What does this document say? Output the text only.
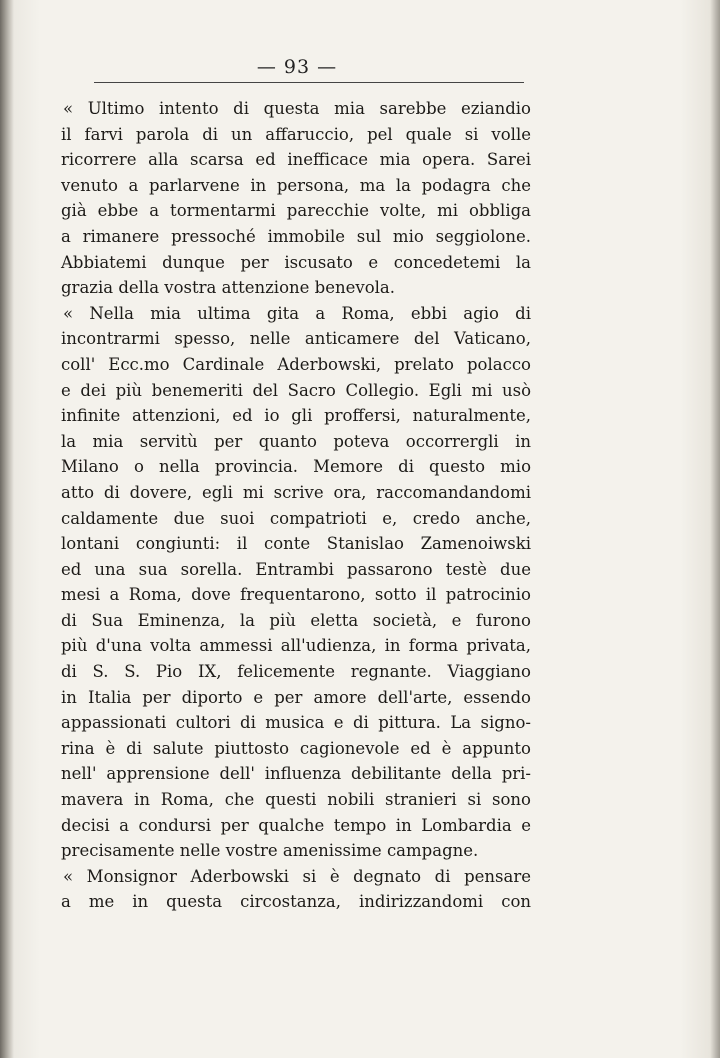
— 93 —
« Ultimo intento di questa mia sarebbe eziandio
il farvi parola di un affaruccio, pel quale si volle
ricorrere alla scarsa ed inefficace mia opera. Sarei
venuto a parlarvene in persona, ma la podagra che
già ebbe a tormentarmi parecchie volte, mi obbliga
a rimanere pressoché immobile sul mio seggiolone.
Abbiatemi dunque per iscusato e concedetemi la
grazia della vostra attenzione benevola.
« Nella mia ultima gita a Roma, ebbi agio di
incontrarmi spesso, nelle anticamere del Vaticano,
coll' Ecc.mo Cardinale Aderbowski, prelato polacco
e dei più benemeriti del Sacro Collegio. Egli mi usò
infinite attenzioni, ed io gli proffersi, naturalmente,
la mia servitù per quanto poteva occorrergli in
Milano o nella provincia. Memore di questo mio
atto di dovere, egli mi scrive ora, raccomandandomi
caldamente due suoi compatrioti e, credo anche,
lontani congiunti: il conte Stanislao Zamenoiwski
ed una sua sorella. Entrambi passarono testè due
mesi a Roma, dove frequentarono, sotto il patrocinio
di Sua Eminenza, la più eletta società, e furono
più d'una volta ammessi all'udienza, in forma privata,
di S. S. Pio IX, felicemente regnante. Viaggiano
in Italia per diporto e per amore dell'arte, essendo
appassionati cultori di musica e di pittura. La signo-
rina è di salute piuttosto cagionevole ed è appunto
nell' apprensione dell' influenza debilitante della pri-
mavera in Roma, che questi nobili stranieri si sono
decisi a condursi per qualche tempo in Lombardia e
precisamente nelle vostre amenissime campagne.
« Monsignor Aderbowski si è degnato di pensare
a me in questa circostanza, indirizzandomi con
